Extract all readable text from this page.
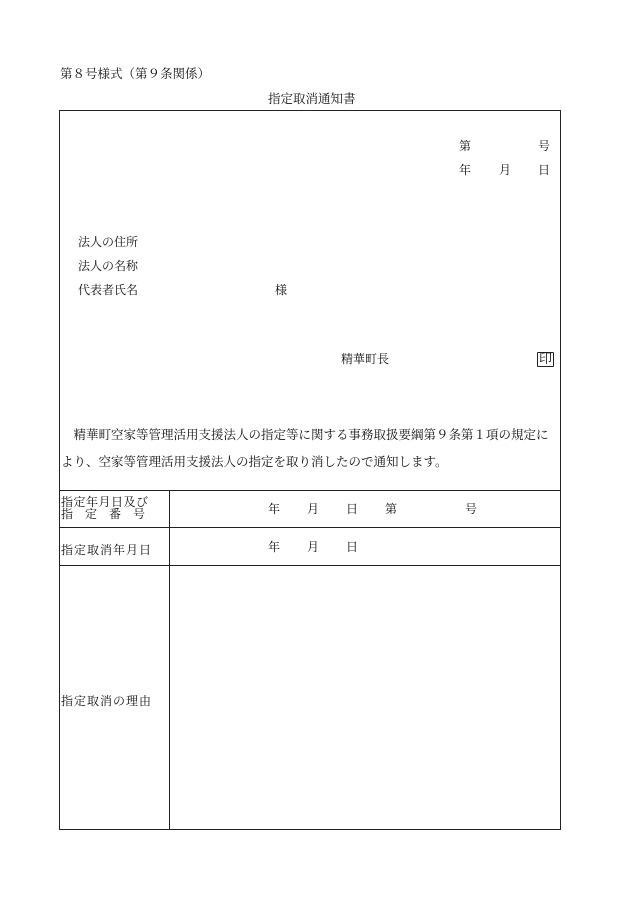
第８号様式（第９条関係）
指定取消通知書
第	号
年 月 日
法人の住所
法人の名称
代表者氏名	様
精華町長	印
精華町空家等管理活用支援法人の指定等に関する事務取扱要綱第９条第１項の規定により、空家等管理活用支援法人の指定を取り消したので通知します。
指定年月日及び
指　定　番　号	年 月 日 第	号
指定取消年月日	年 月 日
指定取消の理由
